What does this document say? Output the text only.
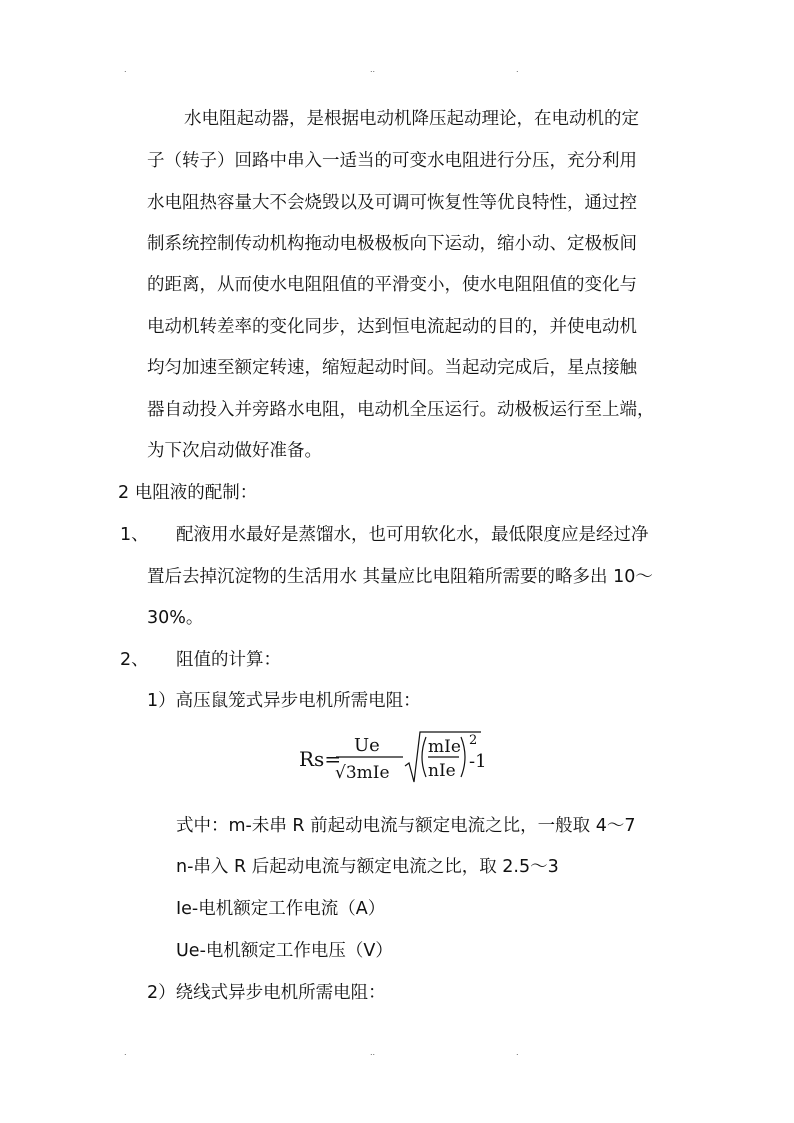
.	..	.
水电阻起动器，是根据电动机降压起动理论，在电动机的定
子（转子）回路中串入一适当的可变水电阻进行分压，充分利用
水电阻热容量大不会烧毁以及可调可恢复性等优良特性，通过控
制系统控制传动机构拖动电极极板向下运动，缩小动、定极板间
的距离，从而使水电阻阻值的平滑变小，使水电阻阻值的变化与
电动机转差率的变化同步，达到恒电流起动的目的，并使电动机
均匀加速至额定转速，缩短起动时间。当起动完成后，星点接触
器自动投入并旁路水电阻，电动机全压运行。动极板运行至上端，
为下次启动做好准备。
2 电阻液的配制：
1、 配液用水最好是蒸馏水，也可用软化水，最低限度应是经过净
置后去掉沉淀物的生活用水 其量应比电阻箱所需要的略多出 10～
30%。
2、 阻值的计算：
1）高压鼠笼式异步电机所需电阻：
Rs=
Ue
√3mIe
mIe
nIe
2
-1
式中：m-未串 R 前起动电流与额定电流之比，一般取 4～7
n-串入 R 后起动电流与额定电流之比，取 2.5～3
Ie-电机额定工作电流（A）
Ue-电机额定工作电压（V）
2）绕线式异步电机所需电阻：
.	..	.
